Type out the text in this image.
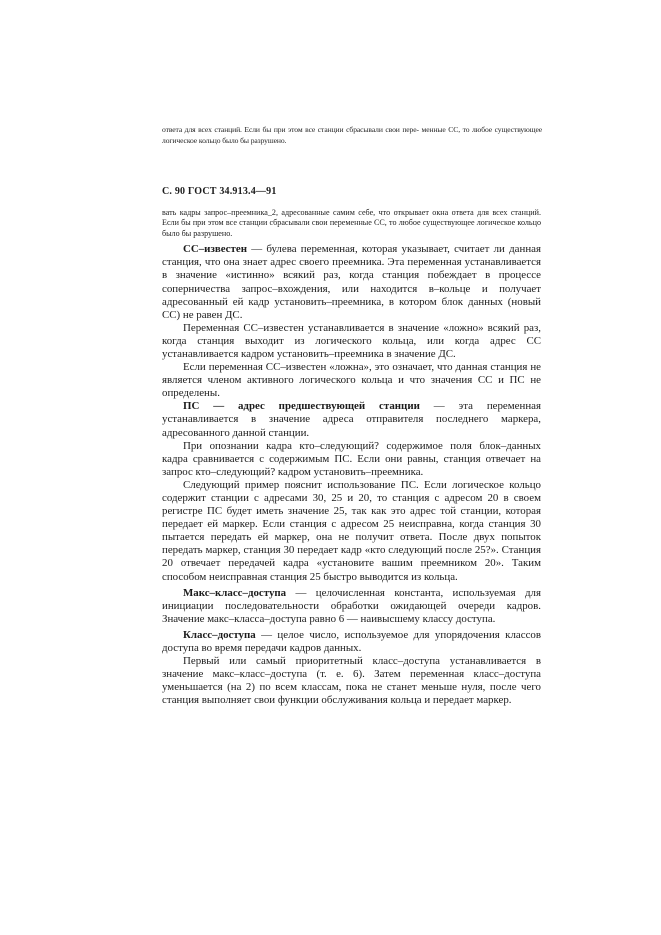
ответа для всех станций. Если бы при этом все станции сбрасывали свои пере- менные СС, то любое существующее логическое кольцо было бы разрушено.
С. 90 ГОСТ 34.913.4—91
вать кадры запрос–преемника_2, адресованные самим себе, что открывает окна ответа для всех станций. Если бы при этом все станции сбрасывали свои переменные СС, то любое существующее логическое кольцо было бы разрушено.

СС–известен — булева переменная, которая указывает, считает ли данная станция, что она знает адрес своего преемника. Эта переменная устанавливается в значение «истинно» всякий раз, когда станция побеждает в процессе соперничества запрос–вхождения, или находится в–кольце и получает адресованный ей кадр установить–преемника, в котором блок данных (новый СС) не равен ДС.

Переменная СС–известен устанавливается в значение «ложно» всякий раз, когда станция выходит из логического кольца, или когда адрес СС устанавливается кадром установить–преемника в значение ДС.

Если переменная СС–известен «ложна», это означает, что данная станция не является членом активного логического кольца и что значения СС и ПС не определены.

ПС — адрес предшествующей станции — эта переменная устанавливается в значение адреса отправителя последнего маркера, адресованного данной станции.

При опознании кадра кто–следующий? содержимое поля блок–данных кадра сравнивается с содержимым ПС. Если они равны, станция отвечает на запрос кто–следующий? кадром установить–преемника.

Следующий пример пояснит использование ПС. Если логическое кольцо содержит станции с адресами 30, 25 и 20, то станция с адресом 20 в своем регистре ПС будет иметь значение 25, так как это адрес той станции, которая передает ей маркер. Если станция с адресом 25 неисправна, когда станция 30 пытается передать ей маркер, она не получит ответа. После двух попыток передать маркер, станция 30 передает кадр «кто следующий после 25?». Станция 20 отвечает передачей кадра «установите вашим преемником 20». Таким способом неисправная станция 25 быстро выводится из кольца.

Макс–класс–доступа — целочисленная константа, используемая для инициации последовательности обработки ожидающей очереди кадров. Значение макс–класса–доступа равно 6 — наивысшему классу доступа.

Класс–доступа — целое число, используемое для упорядочения классов доступа во время передачи кадров данных.

Первый или самый приоритетный класс–доступа устанавливается в значение макс–класс–доступа (т. е. 6). Затем переменная класс–доступа уменьшается (на 2) по всем классам, пока не станет меньше нуля, после чего станция выполняет свои функции обслуживания кольца и передает маркер.
